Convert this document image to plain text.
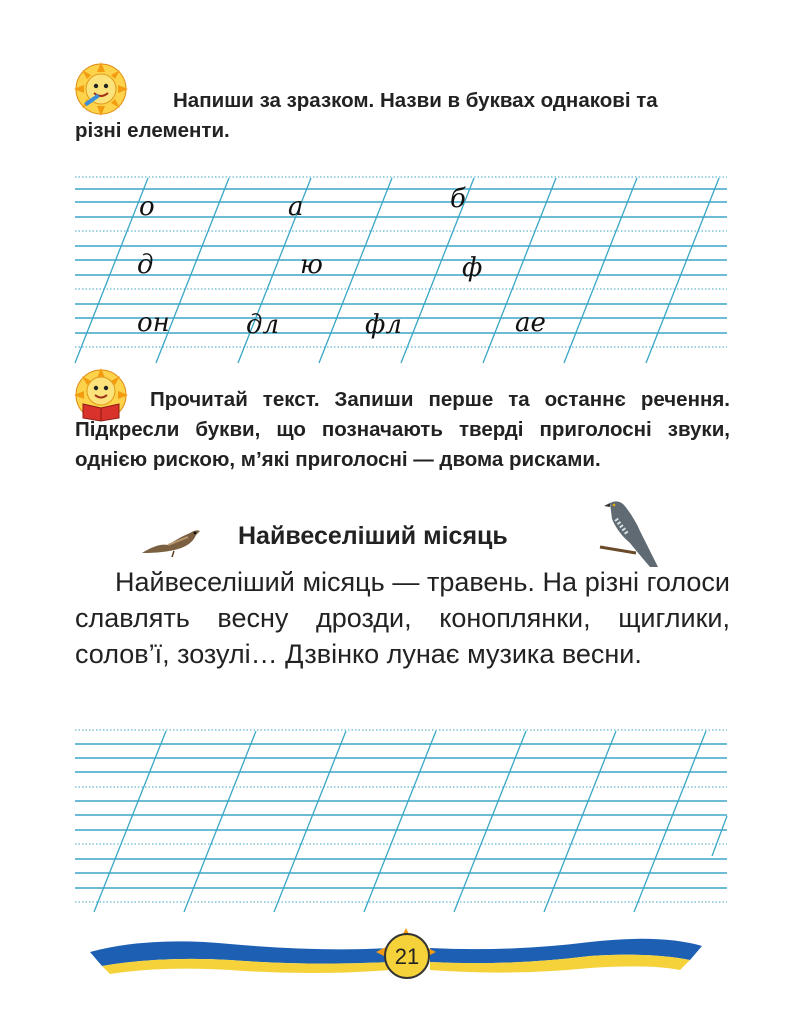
Напиши за зразком. Назви в буквах однакові та
різні елементи.
о	а	б
д	ю	ф
он	дл	фл	ае
Прочитай текст. Запиши перше та останнє речення. Підкресли букви, що позначають тверді приголосні звуки, однією рискою, м’які приголосні — двома рисками.
Найвеселіший місяць
Найвеселіший місяць — травень. На різні голоси славлять весну дрозди, коноплянки, щиглики, солов’ї, зозулі… Дзвінко лунає музика весни.
21
